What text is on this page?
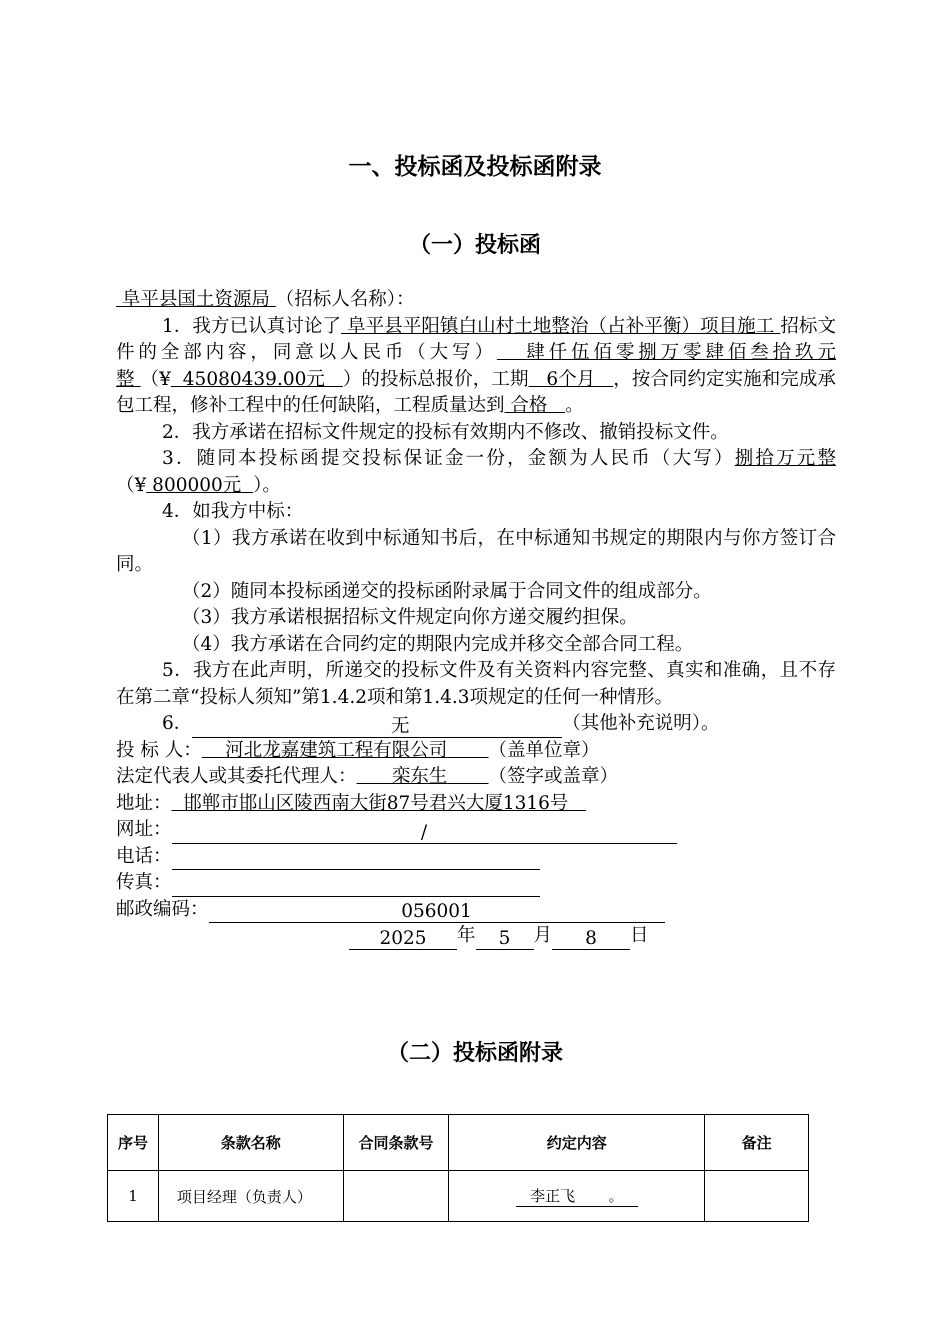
一、投标函及投标函附录
（一）投标函

阜平县国土资源局 （招标人名称）：

1．我方已认真讨论了 阜平县平阳镇白山村土地整治（占补平衡）项目施工 招标文件的全部内容，同意以人民币（大写） 肆仟伍佰零捌万零肆佰叁拾玖元整 （¥ 45080439.00元 ）的投标总报价，工期 6个月 ，按合同约定实施和完成承包工程，修补工程中的任何缺陷，工程质量达到 合格 。

2．我方承诺在招标文件规定的投标有效期内不修改、撤销投标文件。

3．随同本投标函提交投标保证金一份，金额为人民币（大写）捌拾万元整（¥ 800000元 ）。

4．如我方中标：

（1）我方承诺在收到中标通知书后，在中标通知书规定的期限内与你方签订合同。

（2）随同本投标函递交的投标函附录属于合同文件的组成部分。

（3）我方承诺根据招标文件规定向你方递交履约担保。

（4）我方承诺在合同约定的期限内完成并移交全部合同工程。

5．我方在此声明，所递交的投标文件及有关资料内容完整、真实和准确，且不存在第二章“投标人须知”第1.4.2项和第1.4.3项规定的任何一种情形。

6．	无	（其他补充说明）。

投 标 人： 河北龙嘉建筑工程有限公司 （盖单位章）

法定代表人或其委托代理人： 栾东生 （签字或盖章）

地址： 邯郸市邯山区陵西南大街87号君兴大厦1316号

网址：	/

电话：

传真：

邮政编码：	056001

2025 年 5 月 8 日

（二）投标函附录
序号	条款名称	合同条款号	约定内容	备注
1	项目经理（负责人）		李正飞 。	
